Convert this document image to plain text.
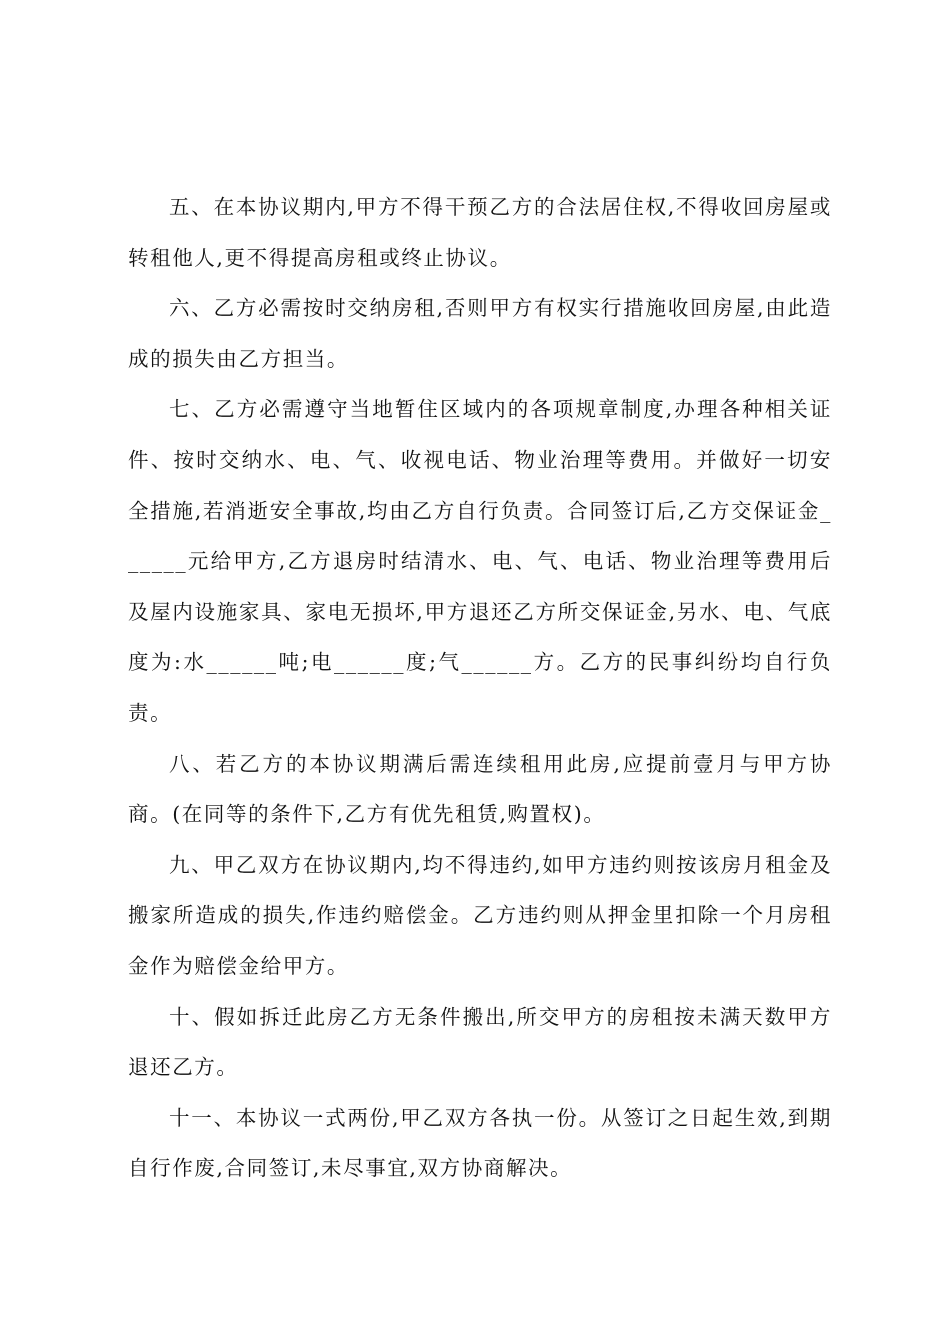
五、在本协议期内,甲方不得干预乙方的合法居住权,不得收回房屋或转租他人,更不得提高房租或终止协议。

六、乙方必需按时交纳房租,否则甲方有权实行措施收回房屋,由此造成的损失由乙方担当。

七、乙方必需遵守当地暂住区域内的各项规章制度,办理各种相关证件、按时交纳水、电、气、收视电话、物业治理等费用。并做好一切安全措施,若消逝安全事故,均由乙方自行负责。合同签订后,乙方交保证金______元给甲方,乙方退房时结清水、电、气、电话、物业治理等费用后及屋内设施家具、家电无损坏,甲方退还乙方所交保证金,另水、电、气底度为:水______吨;电______度;气______方。乙方的民事纠纷均自行负责。

八、若乙方的本协议期满后需连续租用此房,应提前壹月与甲方协商。(在同等的条件下,乙方有优先租赁,购置权)。

九、甲乙双方在协议期内,均不得违约,如甲方违约则按该房月租金及搬家所造成的损失,作违约赔偿金。乙方违约则从押金里扣除一个月房租金作为赔偿金给甲方。

十、假如拆迁此房乙方无条件搬出,所交甲方的房租按未满天数甲方退还乙方。

十一、本协议一式两份,甲乙双方各执一份。从签订之日起生效,到期自行作废,合同签订,未尽事宜,双方协商解决。
